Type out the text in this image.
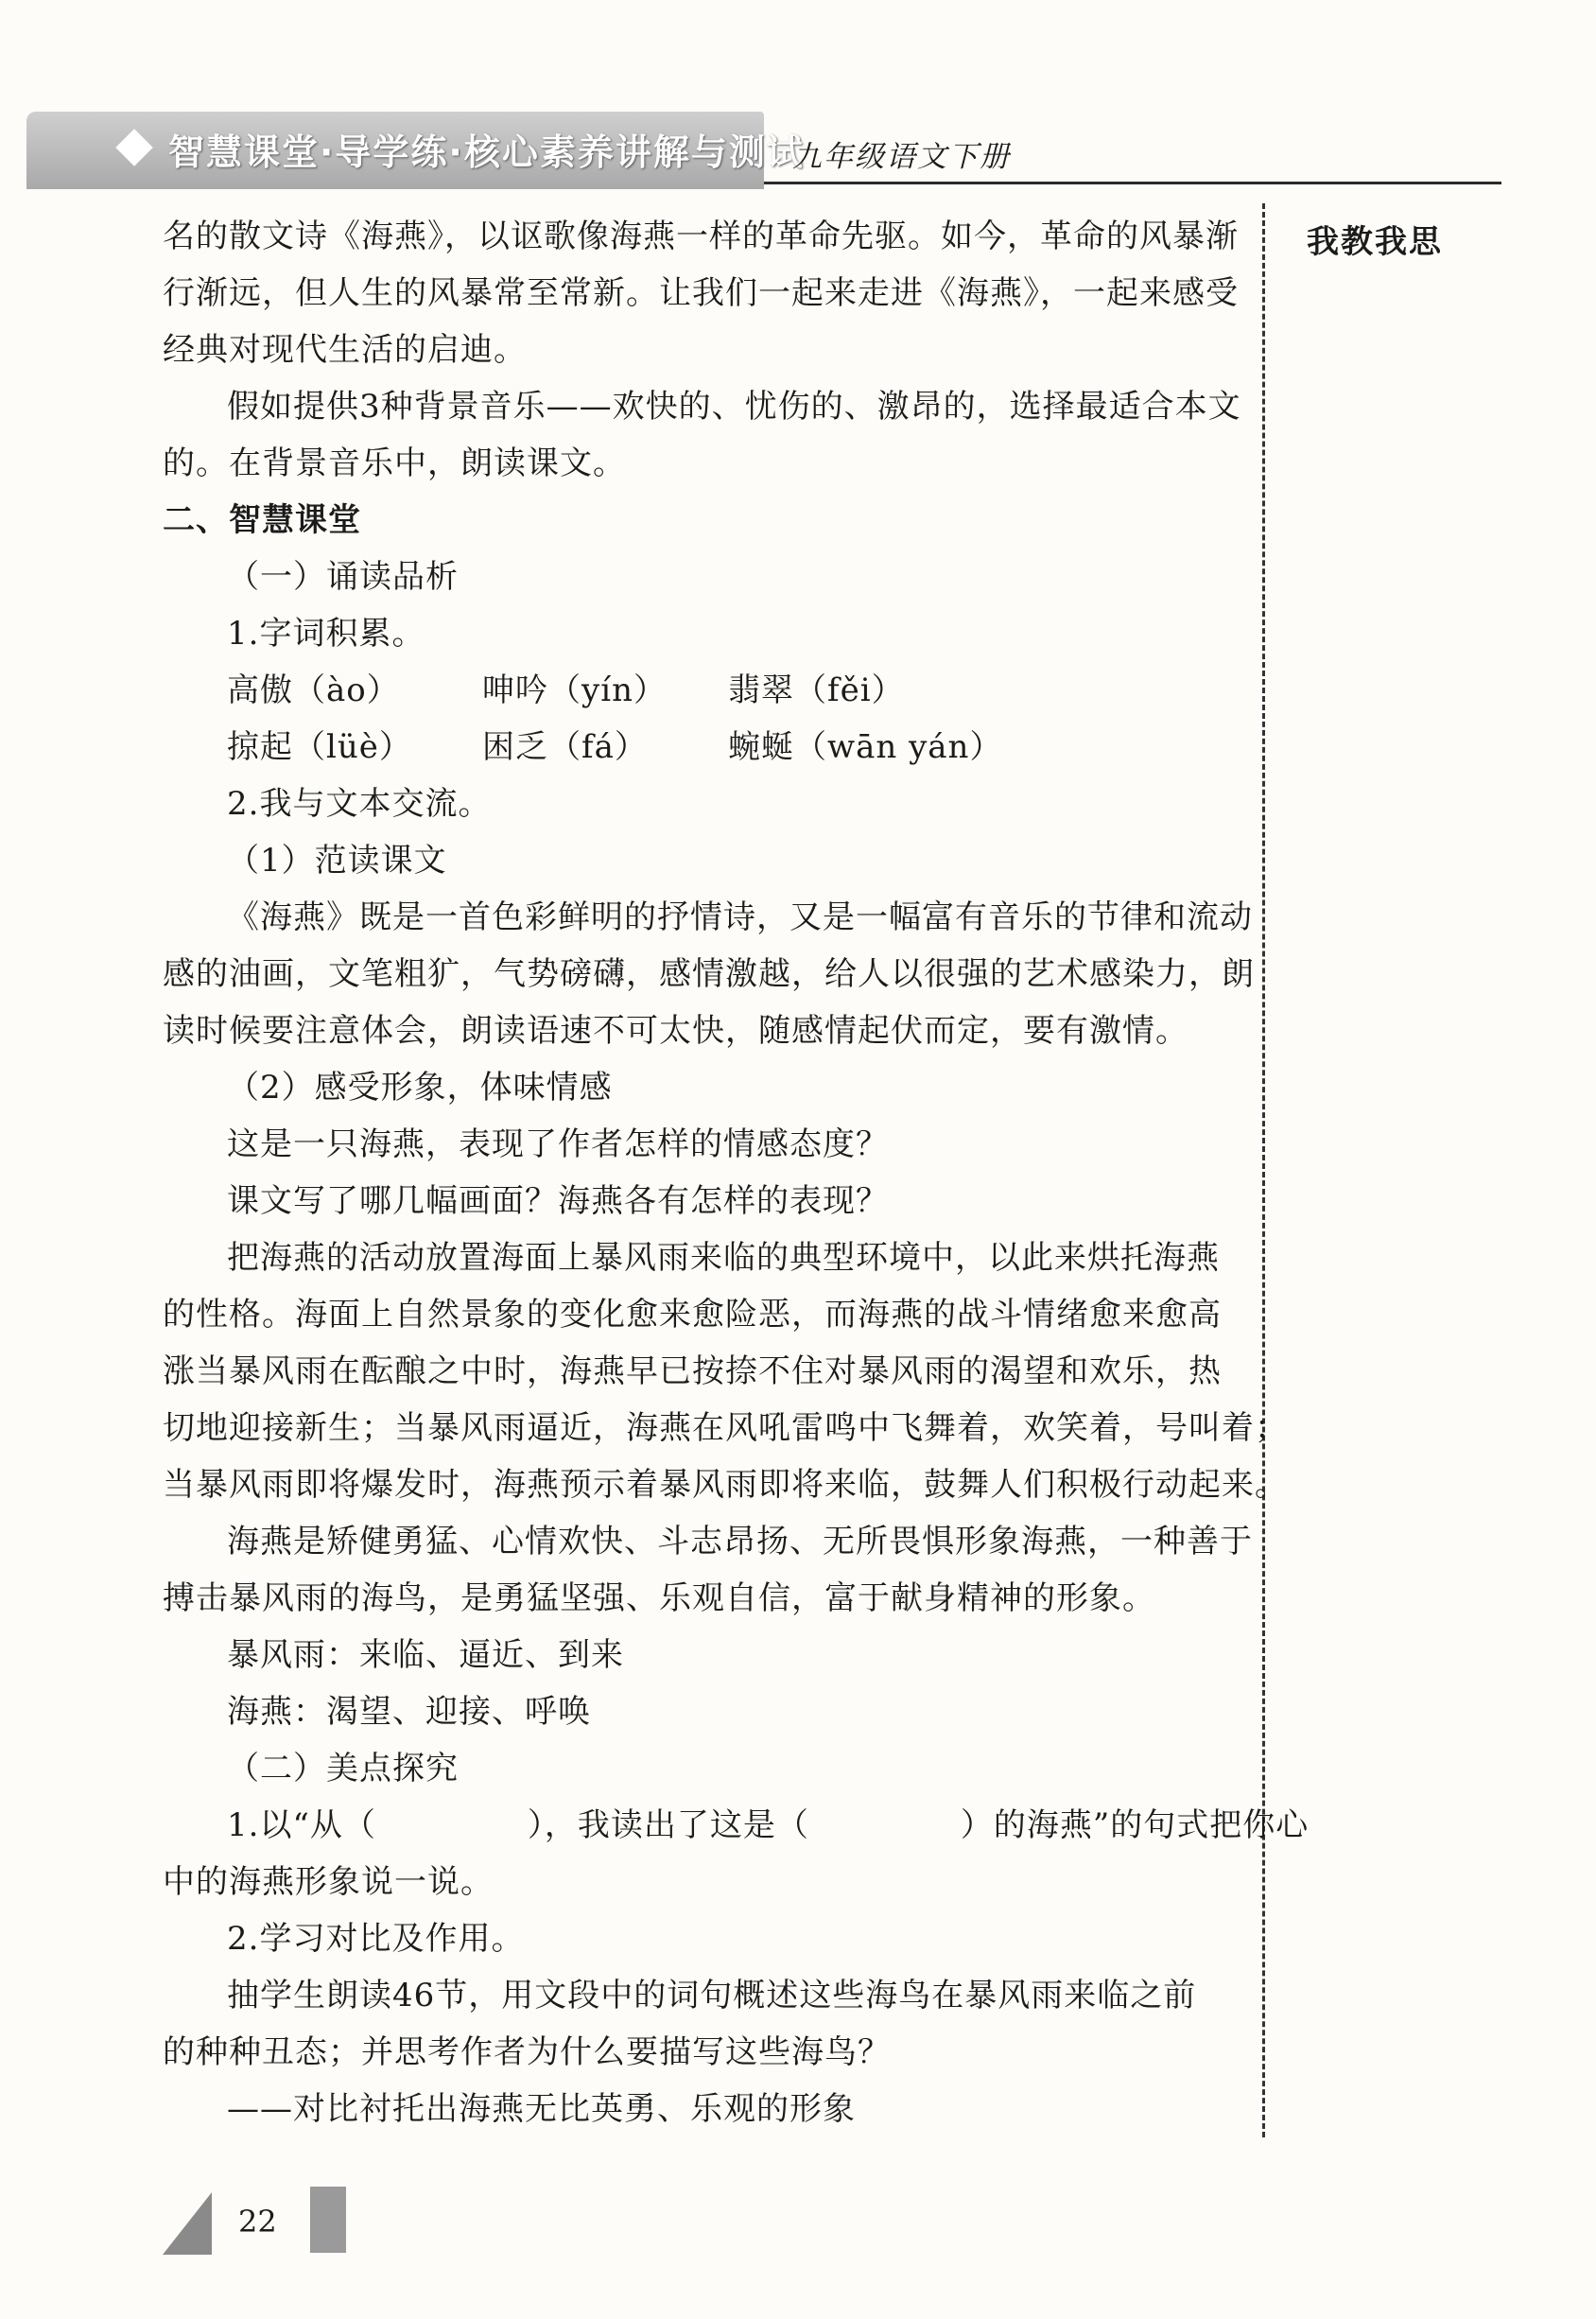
智慧课堂·导学练·核心素养讲解与测试
九年级语文下册
我教我思
名的散文诗《海燕》，以讴歌像海燕一样的革命先驱。如今，革命的风暴渐
行渐远，但人生的风暴常至常新。让我们一起来走进《海燕》，一起来感受
经典对现代生活的启迪。
假如提供3种背景音乐——欢快的、忧伤的、激昂的，选择最适合本文
的。在背景音乐中，朗读课文。
二、智慧课堂
（一）诵读品析
1.字词积累。
高傲（ào）	呻吟（yín） 翡翠（fěi）
掠起（lüè） 困乏（fá）	蜿蜒（wān yán）
2.我与文本交流。
（1）范读课文
《海燕》既是一首色彩鲜明的抒情诗，又是一幅富有音乐的节律和流动
感的油画，文笔粗犷，气势磅礴，感情激越，给人以很强的艺术感染力，朗
读时候要注意体会，朗读语速不可太快，随感情起伏而定，要有激情。
（2）感受形象，体味情感
这是一只海燕，表现了作者怎样的情感态度？
课文写了哪几幅画面？海燕各有怎样的表现？
把海燕的活动放置海面上暴风雨来临的典型环境中，以此来烘托海燕
的性格。海面上自然景象的变化愈来愈险恶，而海燕的战斗情绪愈来愈高
涨当暴风雨在酝酿之中时，海燕早已按捺不住对暴风雨的渴望和欢乐，热
切地迎接新生；当暴风雨逼近，海燕在风吼雷鸣中飞舞着，欢笑着，号叫着；
当暴风雨即将爆发时，海燕预示着暴风雨即将来临，鼓舞人们积极行动起来。
海燕是矫健勇猛、心情欢快、斗志昂扬、无所畏惧形象海燕，一种善于
搏击暴风雨的海鸟，是勇猛坚强、乐观自信，富于献身精神的形象。
暴风雨：来临、逼近、到来
海燕：渴望、迎接、呼唤
（二）美点探究
1.以“从（	），我读出了这是（	）的海燕”的句式把你心
中的海燕形象说一说。
2.学习对比及作用。
抽学生朗读46节，用文段中的词句概述这些海鸟在暴风雨来临之前
的种种丑态；并思考作者为什么要描写这些海鸟？
——对比衬托出海燕无比英勇、乐观的形象
22
